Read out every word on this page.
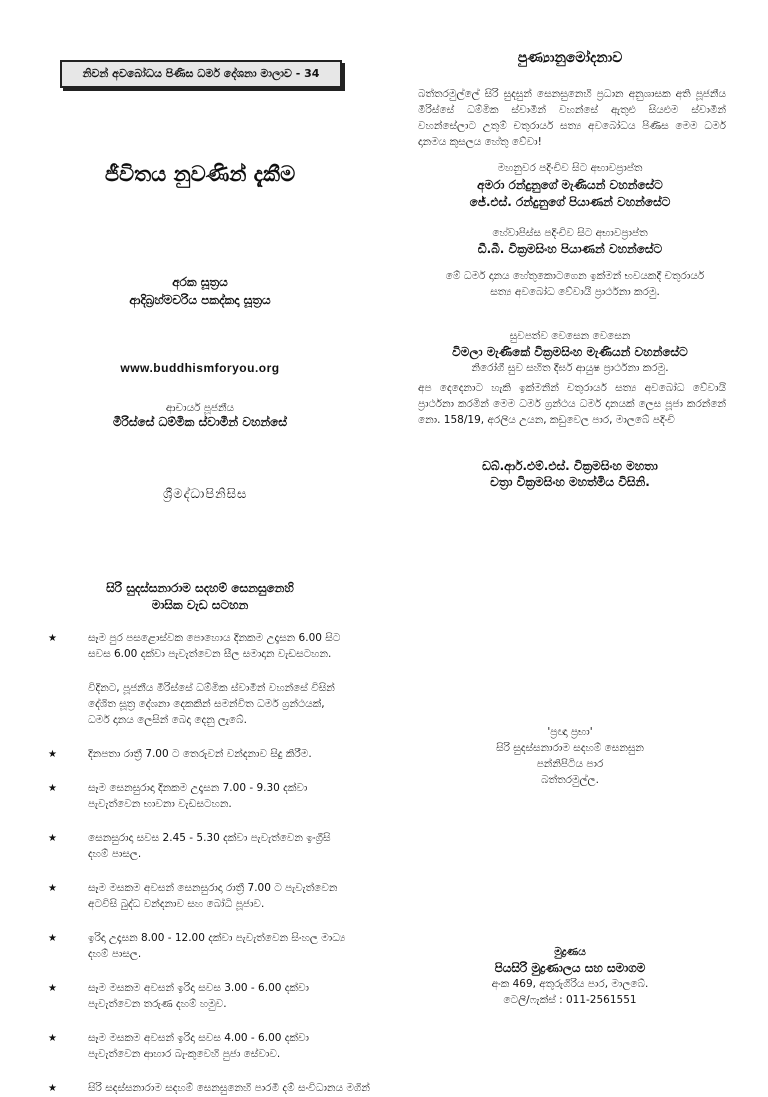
නිවන් අවබෝධය පිණිස ධර්ම දේශනා මාලාව - 34
ජීවිතය නුවණින් දැකීම
අරක සූත්‍රය
ආදිබ්‍රහ්මචරිය පකද්කදා සූත්‍රය
www.buddhismforyou.org
ආචාර්ය පූජනීය
මීරිස්සේ ධම්මික ස්වාමීන් වහන්සේ
ශ්‍රීමද්ධාපිනිසිස
සිරි සුදස්සනාරාම සදහම් සෙනසුනෙහි
මාසික වැඩ සටහන
★	සෑම පුර පසළොස්වක පොහොය දිනකම උදෑසන 6.00 සිට සවස 6.00 දක්වා පැවැත්වෙන සීල සමාදාන වැඩසටහන.
විදිනට, පූජනීය මීරිස්සේ ධම්මික ස්වාමීන් වහන්සේ විසින් දේශිත සූත්‍ර දේශනා දෙකකින් සමන්විත ධර්ම ග්‍රන්ථයක්, ධර්ම දානය ලෙසින් බෙදා දෙනු ලැබේ.
★	දිනපතා රාත්‍රී 7.00 ට තෙරුවන් වන්දනාව සිදු කිරීම.
★	සෑම සෙනසුරාදා දිනකම උදෑසන 7.00 - 9.30 දක්වා පැවැත්වෙන භාවනා වැඩසටහන.
★	සෙනසුරාදා සවස 2.45 - 5.30 දක්වා පැවැත්වෙන ඉංග්‍රීසි දහම් පාසල.
★	සෑම මසකම අවසන් සෙනසුරාදා රාත්‍රී 7.00 ට පැවැත්වෙන අටවිසි බුද්ධ වන්දනාව සහ බෝධි පූජාව.
★	ඉරිදා උදෑසන 8.00 - 12.00 දක්වා පැවැත්වෙන සිංහල මාධ්‍ය දහම් පාසල.
★	සෑම මසකම අවසන් ඉරිදා සවස 3.00 - 6.00 දක්වා පැවැත්වෙන තරුණ දහම් හමුව.
★	සෑම මසකම අවසන් ඉරිදා සවස 4.00 - 6.00 දක්වා පැවැත්වෙන ආහාර බැංකුවෙහි පුජා සේවාව.
★	සිරි සදස්සනාරාම සදහම් සෙනසුනෙහි පාරමී දම් සංවිධානය මගින්
පුණ්‍යානුමෝදනාව
බත්තරමුල්ලේ සිරි සුදසුන් සෙනසුනෙහි ප්‍රධාන අනුශාසක අති පූජනීය මීරිස්සේ ධම්මික ස්වාමීන් වහන්සේ ඇතුළු සියළුම ස්වාමීන් වහන්සේලාට උතුම් චතුරාර්ය සත්‍ය අවබෝධය පිණිස මෙම ධර්ම දානමය කුසලය හේතු වේවා!
මහනුවර පදිංචිව සිට අභාවප්‍රාප්ත
අමරා රන්දුනුගේ මැණියන් වහන්සේට
ජේ.එස්. රන්දුනුගේ පියාණන් වහන්සේට
හේවාපිස්ස පදිංචිව සිට අභාවප්‍රාප්ත
ඩී.බී. වික්‍රමසිංහ පියාණන් වහන්සේට
මේ ධර්ම දානය හේතුකොටගෙන ඉක්මන් භවයකදී චතුරාර්ය සත්‍ය අවබෝධ වේවායි ප්‍රාර්ථනා කරමු.
සුවපත්ව වෙසෙන වෙසෙන
විමලා මැණිකේ වික්‍රමසිංහ මැණියන් වහන්සේට
නිරෝගී සුව සහිත දීර්ඝ ආයුෂ ප්‍රාර්ථනා කරමු.
අප දෙදෙනාට හැකි ඉක්මනින් චතුරාර්ය සත්‍ය අවබෝධ වේවායි ප්‍රාර්ථනා කරමින් මෙම ධර්ම ග්‍රන්ථය ධර්ම දානයක් ලෙස පූජා කරන්නේ නො. 158/19, අරලිය උයන, කඩුවෙල පාර, මාලබේ පදිංචි
ඩබ්.ආර්.එම්.එස්. වික්‍රමසිංහ මහතා
චත්‍රා වික්‍රමසිංහ මහත්මිය විසිනි.
'ප්‍රඥා ප්‍රභා'
සිරි සුදස්සනාරාම සදහම් සෙනසුන
පන්නිපිටිය පාර
බත්තරමුල්ල.
මුද්‍රණය
පියසිරි මුද්‍රණාලය සහ සමාගම
අංක 469, අතුරුගිරිය පාර, මාලබේ.
ටෙලි/ෆැක්ස් : 011-2561551
